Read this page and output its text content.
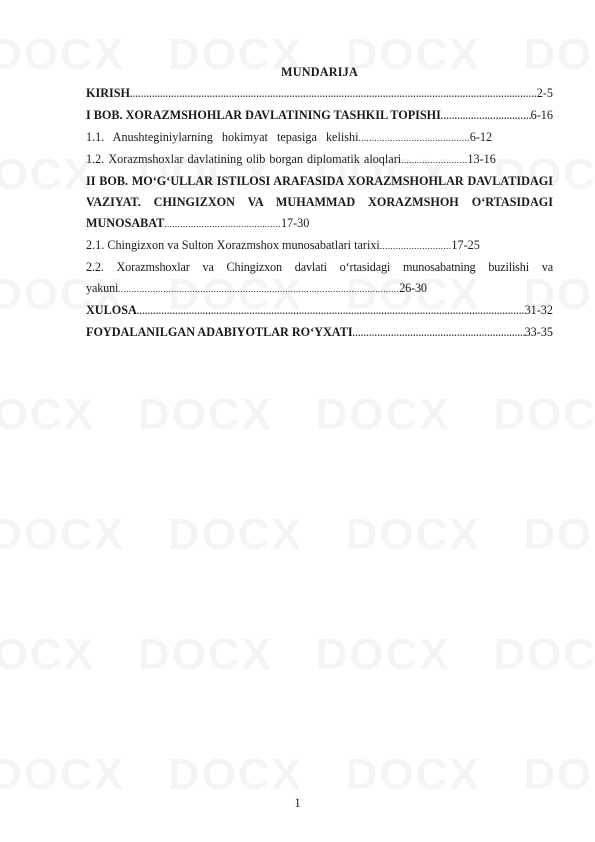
MUNDARIJA
KIRISH .....	2-5
I BOB. XORAZMSHOHLAR DAVLATINING TASHKIL TOPISHI .....	6-16
1.1. Anushteginiylarning hokimyat tepasiga kelishi..........................................6-12
1.2. Xorazmshoxlar davlatining olib borgan diplomatik aloqlari.........................13-16
II BOB. MO‘G‘ULLAR ISTILOSI ARAFASIDA XORAZMSHOHLAR DAVLATIDAGI VAZIYAT. CHINGIZXON VA MUHAMMAD XORAZMSHOH O‘RTASIDAGI MUNOSABAT............................................17-30
2.1. Chingizxon va Sulton Xorazmshox munosabatlari tarixi...........................17-25
2.2. Xorazmshoxlar va Chingizxon davlati o‘rtasidagi munosabatning buzilishi va yakuni..........................................................................................................26-30
XULOSA .....	31-32
FOYDALANILGAN ADABIYOTLAR RO‘YXATI .....	33-35
1
